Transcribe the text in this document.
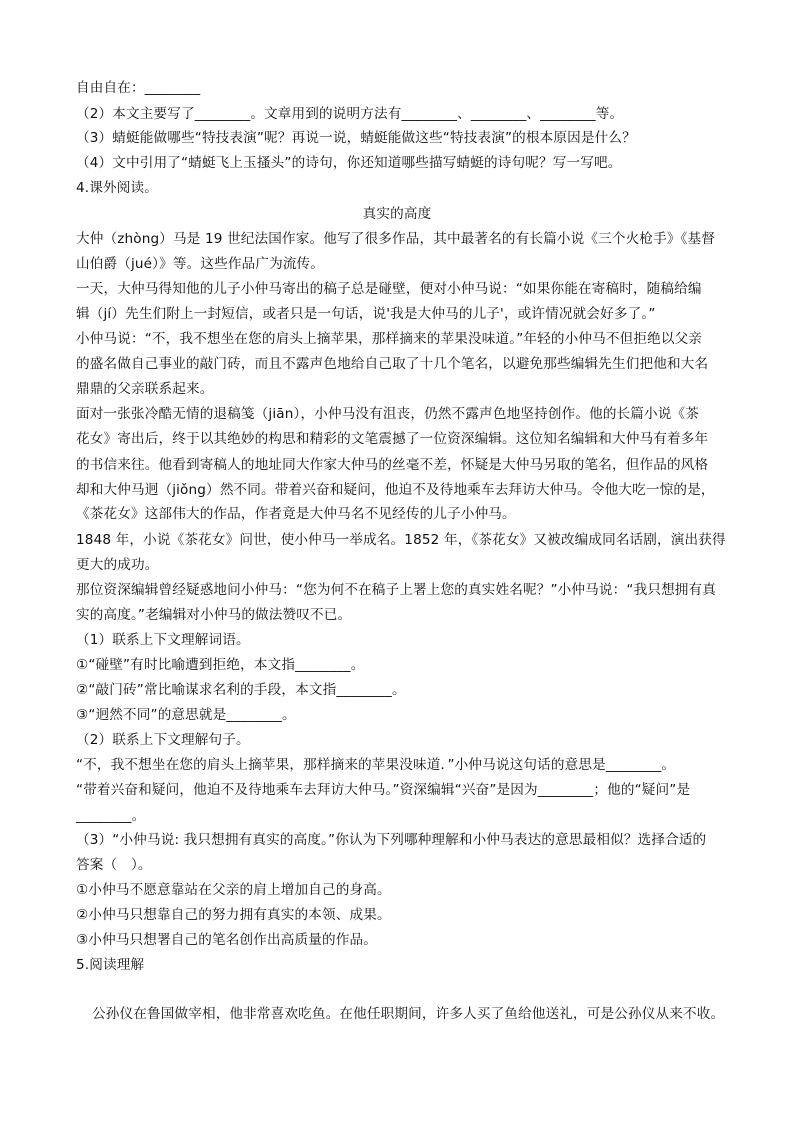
自由自在：________
（2）本文主要写了________。文章用到的说明方法有________、________、________等。
（3）蜻蜓能做哪些“特技表演”呢？再说一说，蜻蜓能做这些“特技表演”的根本原因是什么？
（4）文中引用了“蜻蜓飞上玉搔头”的诗句，你还知道哪些描写蜻蜓的诗句呢？写一写吧。
4.课外阅读。
真实的高度
大仲（zhòng）马是 19 世纪法国作家。他写了很多作品，其中最著名的有长篇小说《三个火枪手》《基督
山伯爵（jué）》等。这些作品广为流传。
一天，大仲马得知他的儿子小仲马寄出的稿子总是碰壁，便对小仲马说：“如果你能在寄稿时，随稿给编
辑（jí）先生们附上一封短信，或者只是一句话，说'我是大仲马的儿子'，或许情况就会好多了。”
小仲马说：“不，我不想坐在您的肩头上摘苹果，那样摘来的苹果没味道。”年轻的小仲马不但拒绝以父亲
的盛名做自己事业的敲门砖，而且不露声色地给自己取了十几个笔名，以避免那些编辑先生们把他和大名
鼎鼎的父亲联系起来。
面对一张张冷酷无情的退稿笺（jiān），小仲马没有沮丧，仍然不露声色地坚持创作。他的长篇小说《茶
花女》寄出后，终于以其绝妙的构思和精彩的文笔震撼了一位资深编辑。这位知名编辑和大仲马有着多年
的书信来往。他看到寄稿人的地址同大作家大仲马的丝毫不差，怀疑是大仲马另取的笔名，但作品的风格
却和大仲马迥（jiǒng）然不同。带着兴奋和疑问，他迫不及待地乘车去拜访大仲马。令他大吃一惊的是，
《茶花女》这部伟大的作品，作者竟是大仲马名不见经传的儿子小仲马。
1848 年，小说《茶花女》问世，使小仲马一举成名。1852 年，《茶花女》又被改编成同名话剧，演出获得
更大的成功。
那位资深编辑曾经疑惑地问小仲马：“您为何不在稿子上署上您的真实姓名呢？”小仲马说：“我只想拥有真
实的高度。”老编辑对小仲马的做法赞叹不已。
（1）联系上下文理解词语。
①“碰壁”有时比喻遭到拒绝，本文指________。
②“敲门砖”常比喻谋求名利的手段，本文指________。
③“迥然不同”的意思就是________。
（2）联系上下文理解句子。
“不，我不想坐在您的肩头上摘苹果，那样摘来的苹果没味道．”小仲马说这句话的意思是________。
“带着兴奋和疑问，他迫不及待地乘车去拜访大仲马。”资深编辑“兴奋”是因为________；他的“疑问”是
________。
（3）“小仲马说: 我只想拥有真实的高度。”你认为下列哪种理解和小仲马表达的意思最相似？选择合适的
答案（　）。
①小仲马不愿意靠站在父亲的肩上增加自己的身高。
②小仲马只想靠自己的努力拥有真实的本领、成果。
③小仲马只想署自己的笔名创作出高质量的作品。
5.阅读理解
公孙仪在鲁国做宰相，他非常喜欢吃鱼。在他任职期间，许多人买了鱼给他送礼，可是公孙仪从来不收。
